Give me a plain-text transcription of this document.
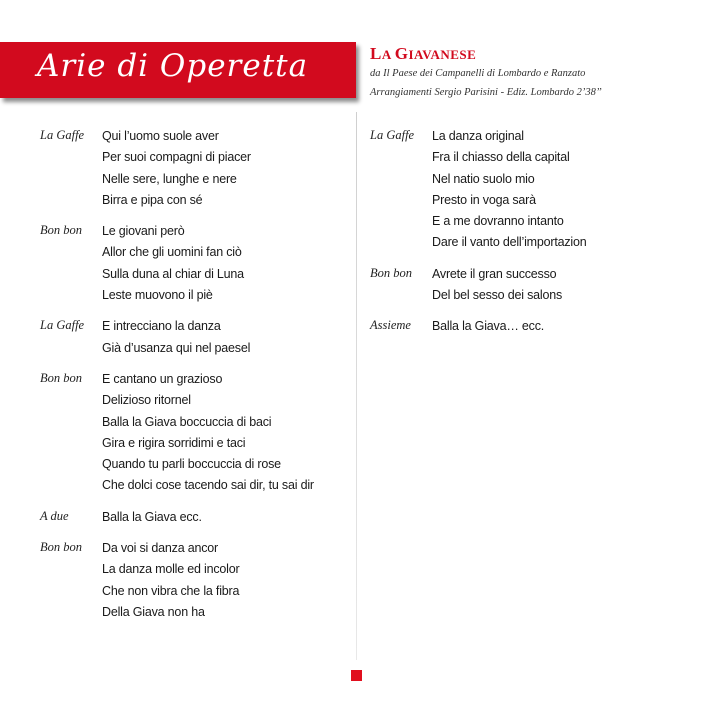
Arie di Operetta	LA GIAVANESE
da Il Paese dei Campanelli di Lombardo e Ranzato
Arrangiamenti Sergio Parisini - Ediz. Lombardo 2’38’’
La Gaffe	Qui l’uomo suole aver
Per suoi compagni di piacer
Nelle sere, lunghe e nere
Birra e pipa con sé
Bon bon	Le giovani però
Allor che gli uomini fan ciò
Sulla duna al chiar di Luna
Leste muovono il piè
La Gaffe	E intrecciano la danza
Già d’usanza qui nel paesel
Bon bon	E cantano un grazioso
Delizioso ritornel
Balla la Giava boccuccia di baci
Gira e rigira sorridimi e taci
Quando tu parli boccuccia di rose
Che dolci cose tacendo sai dir, tu sai dir
A due	Balla la Giava ecc.
Bon bon	Da voi si danza ancor
La danza molle ed incolor
Che non vibra che la fibra
Della Giava non ha
La Gaffe	La danza original
Fra il chiasso della capital
Nel natio suolo mio
Presto in voga sarà
E a me dovranno intanto
Dare il vanto dell’importazion
Bon bon	Avrete il gran successo
Del bel sesso dei salons
Assieme	Balla la Giava… ecc.
